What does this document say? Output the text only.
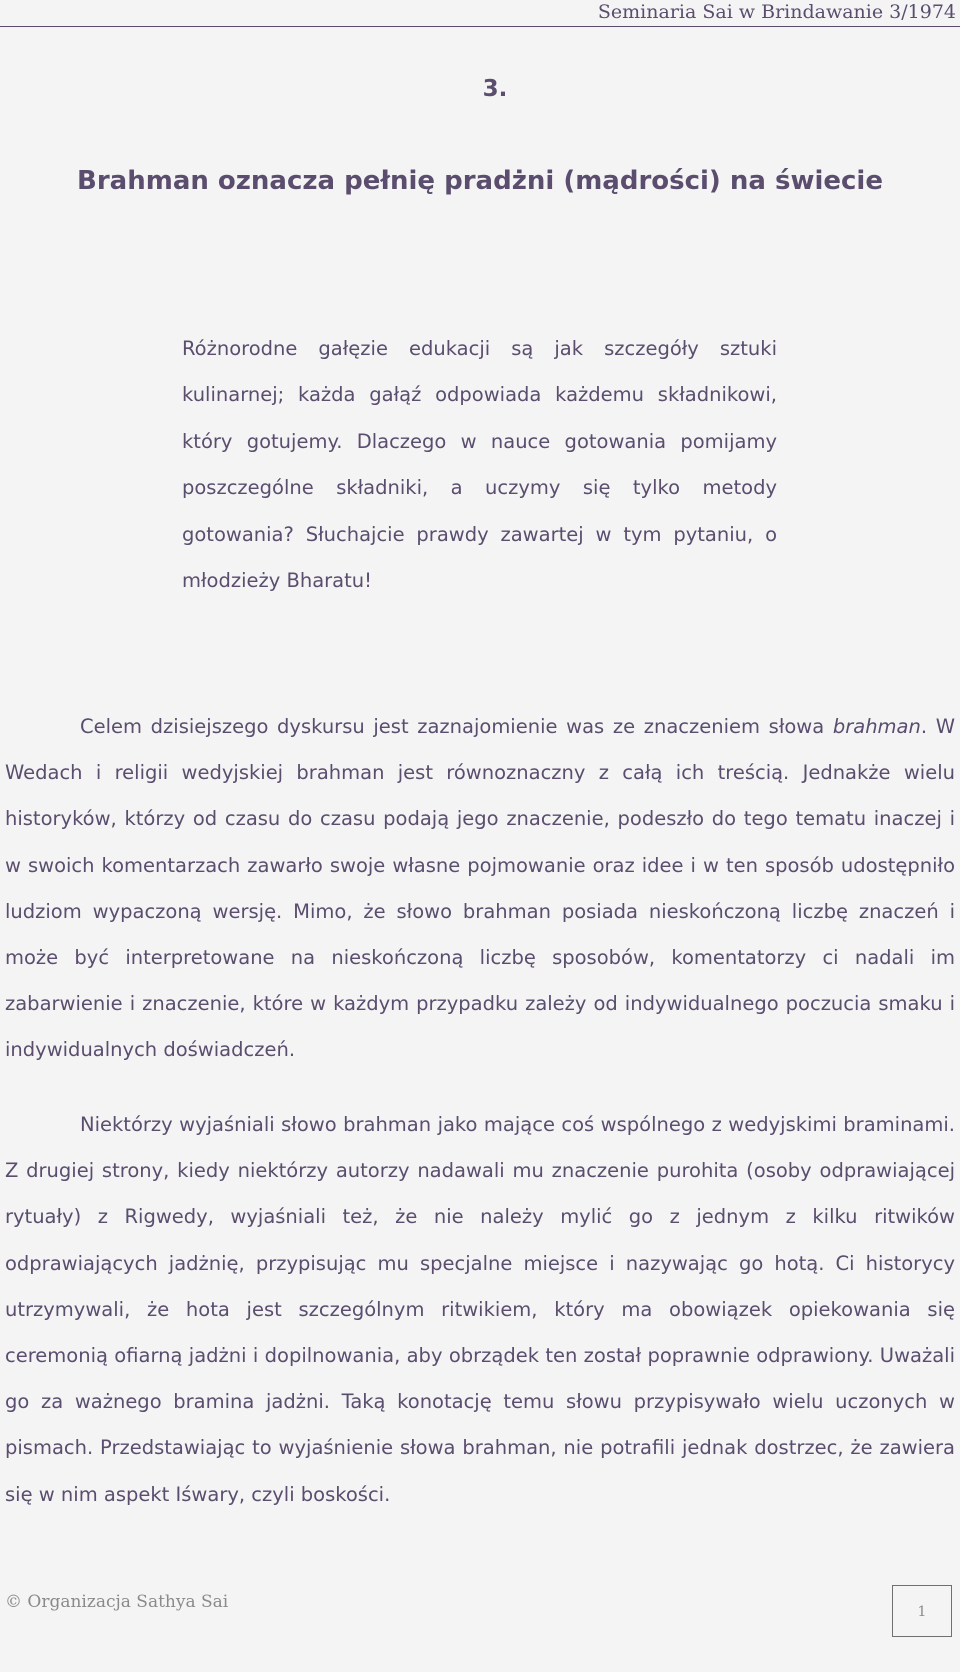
Seminaria Sai w Brindawanie 3/1974
3.
Brahman oznacza pełnię pradżni (mądrości) na świecie
Różnorodne gałęzie edukacji są jak szczegóły sztuki kulinarnej; każda gałąź odpowiada każdemu składnikowi, który gotujemy. Dlaczego w nauce gotowania pomijamy poszczególne składniki, a uczymy się tylko metody gotowania? Słuchajcie prawdy zawartej w tym pytaniu, o młodzieży Bharatu!

Celem dzisiejszego dyskursu jest zaznajomienie was ze znaczeniem słowa brahman. W Wedach i religii wedyjskiej brahman jest równoznaczny z całą ich treścią. Jednakże wielu historyków, którzy od czasu do czasu podają jego znaczenie, podeszło do tego tematu inaczej i w swoich komentarzach zawarło swoje własne pojmowanie oraz idee i w ten sposób udostępniło ludziom wypaczoną wersję. Mimo, że słowo brahman posiada nieskończoną liczbę znaczeń i może być interpretowane na nieskończoną liczbę sposobów, komentatorzy ci nadali im zabarwienie i znaczenie, które w każdym przypadku zależy od indywidualnego poczucia smaku i indywidualnych doświadczeń.

Niektórzy wyjaśniali słowo brahman jako mające coś wspólnego z wedyjskimi braminami. Z drugiej strony, kiedy niektórzy autorzy nadawali mu znaczenie purohita (osoby odprawiającej rytuały) z Rigwedy, wyjaśniali też, że nie należy mylić go z jednym z kilku ritwików odprawiających jadżnię, przypisując mu specjalne miejsce i nazywając go hotą. Ci historycy utrzymywali, że hota jest szczególnym ritwikiem, który ma obowiązek opiekowania się ceremonią ofiarną jadżni i dopilnowania, aby obrządek ten został poprawnie odprawiony. Uważali go za ważnego bramina jadżni. Taką konotację temu słowu przypisywało wielu uczonych w pismach. Przedstawiając to wyjaśnienie słowa brahman, nie potrafili jednak dostrzec, że zawiera się w nim aspekt Iśwary, czyli boskości.

© Organizacja Sathya Sai	1
